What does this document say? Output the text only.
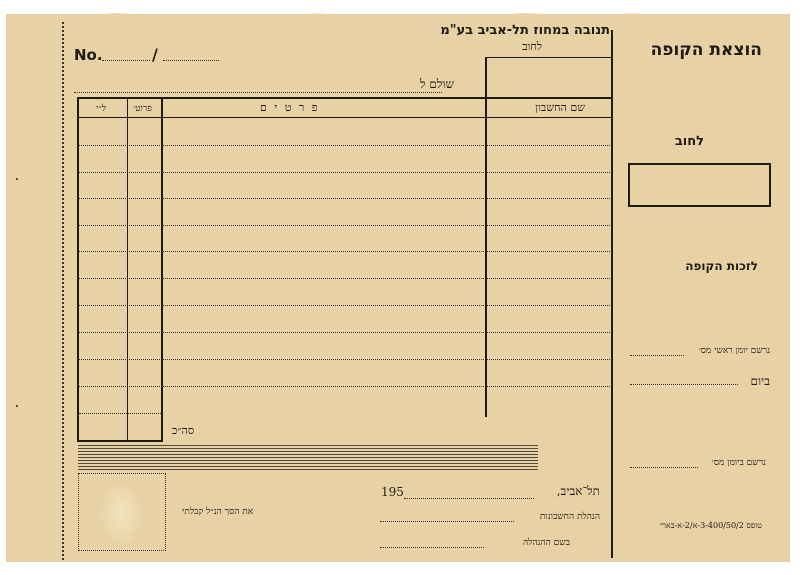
No.	/
תנובה במחוז תל-אביב בע"מ
לחוב
שולם ל
שם החשבון
פ ר ט י ם
פרוט׳
ל״י
סה״כ
את הסך הנ״ל קבלתי
תל־אביב,
195
הנהלת החשבונות
בשם ההנהלה
הוצאת הקופה
לחוב
לזכות הקופה
נרשם יומן ראשי מס׳
ביום
נרשם ביומן מס׳
טופס 3-400/50/2-א/2-א-בארי
